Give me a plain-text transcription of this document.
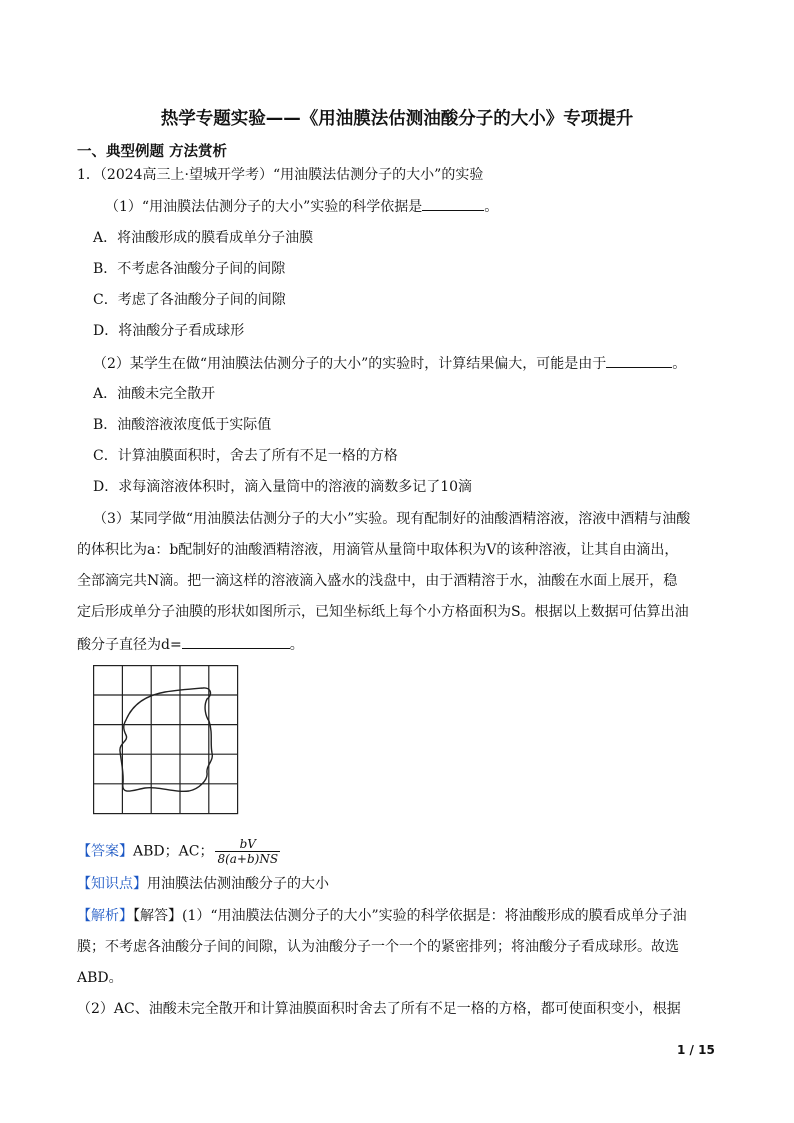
热学专题实验——《用油膜法估测油酸分子的大小》专项提升
一、典型例题 方法赏析
1．（2024高三上·望城开学考）“用油膜法估测分子的大小”的实验
（1）“用油膜法估测分子的大小”实验的科学依据是	。
A．将油酸形成的膜看成单分子油膜
B．不考虑各油酸分子间的间隙
C．考虑了各油酸分子间的间隙
D．将油酸分子看成球形
（2）某学生在做“用油膜法估测分子的大小”的实验时，计算结果偏大，可能是由于	。
A．油酸未完全散开
B．油酸溶液浓度低于实际值
C．计算油膜面积时，舍去了所有不足一格的方格
D．求每滴溶液体积时，滴入量筒中的溶液的滴数多记了10滴
（3）某同学做“用油膜法估测分子的大小”实验。现有配制好的油酸酒精溶液，溶液中酒精与油酸
的体积比为a：b配制好的油酸酒精溶液，用滴管从量筒中取体积为V的该种溶液，让其自由滴出，
全部滴完共N滴。把一滴这样的溶液滴入盛水的浅盘中，由于酒精溶于水，油酸在水面上展开，稳
定后形成单分子油膜的形状如图所示，已知坐标纸上每个小方格面积为S。根据以上数据可估算出油
酸分子直径为d=	。
【答案】ABD；AC； $\frac{bV}{8(a+b)NS}$
【知识点】用油膜法估测油酸分子的大小
【解析】【解答】(1）“用油膜法估测分子的大小”实验的科学依据是：将油酸形成的膜看成单分子油
膜；不考虑各油酸分子间的间隙，认为油酸分子一个一个的紧密排列；将油酸分子看成球形。故选
ABD。
（2）AC、油酸未完全散开和计算油膜面积时舍去了所有不足一格的方格，都可使面积变小，根据
1 / 15
